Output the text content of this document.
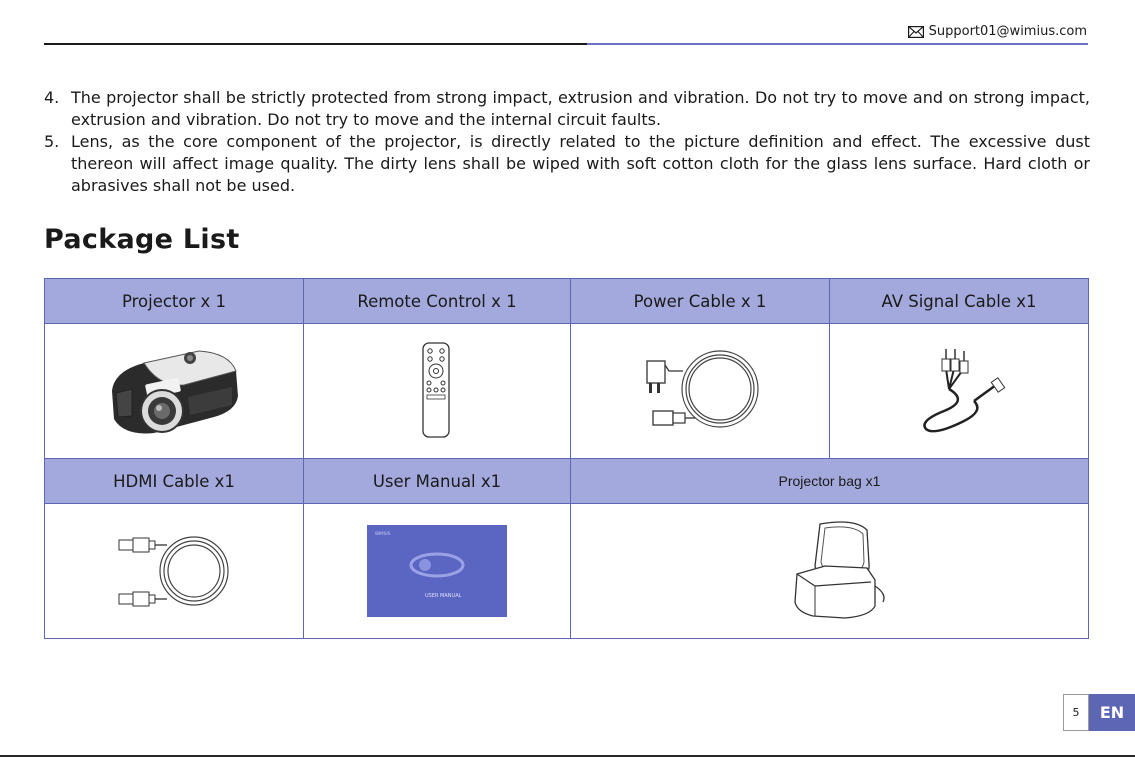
Support01@wimius.com
4. The projector shall be strictly protected from strong impact, extrusion and vibration. Do not try to move and on strong impact, extrusion and vibration. Do not try to move and the internal circuit faults.
5. Lens, as the core component of the projector, is directly related to the picture definition and effect. The excessive dust thereon will affect image quality. The dirty lens shall be wiped with soft cotton cloth for the glass lens surface. Hard cloth or abrasives shall not be used.
Package List
Projector x 1	Remote Control x 1	Power Cable x 1	AV Signal Cable x1

HDMI Cable x1	User Manual x1	Projector bag x1	

WIMIUS
USER MANUAL

5	EN
